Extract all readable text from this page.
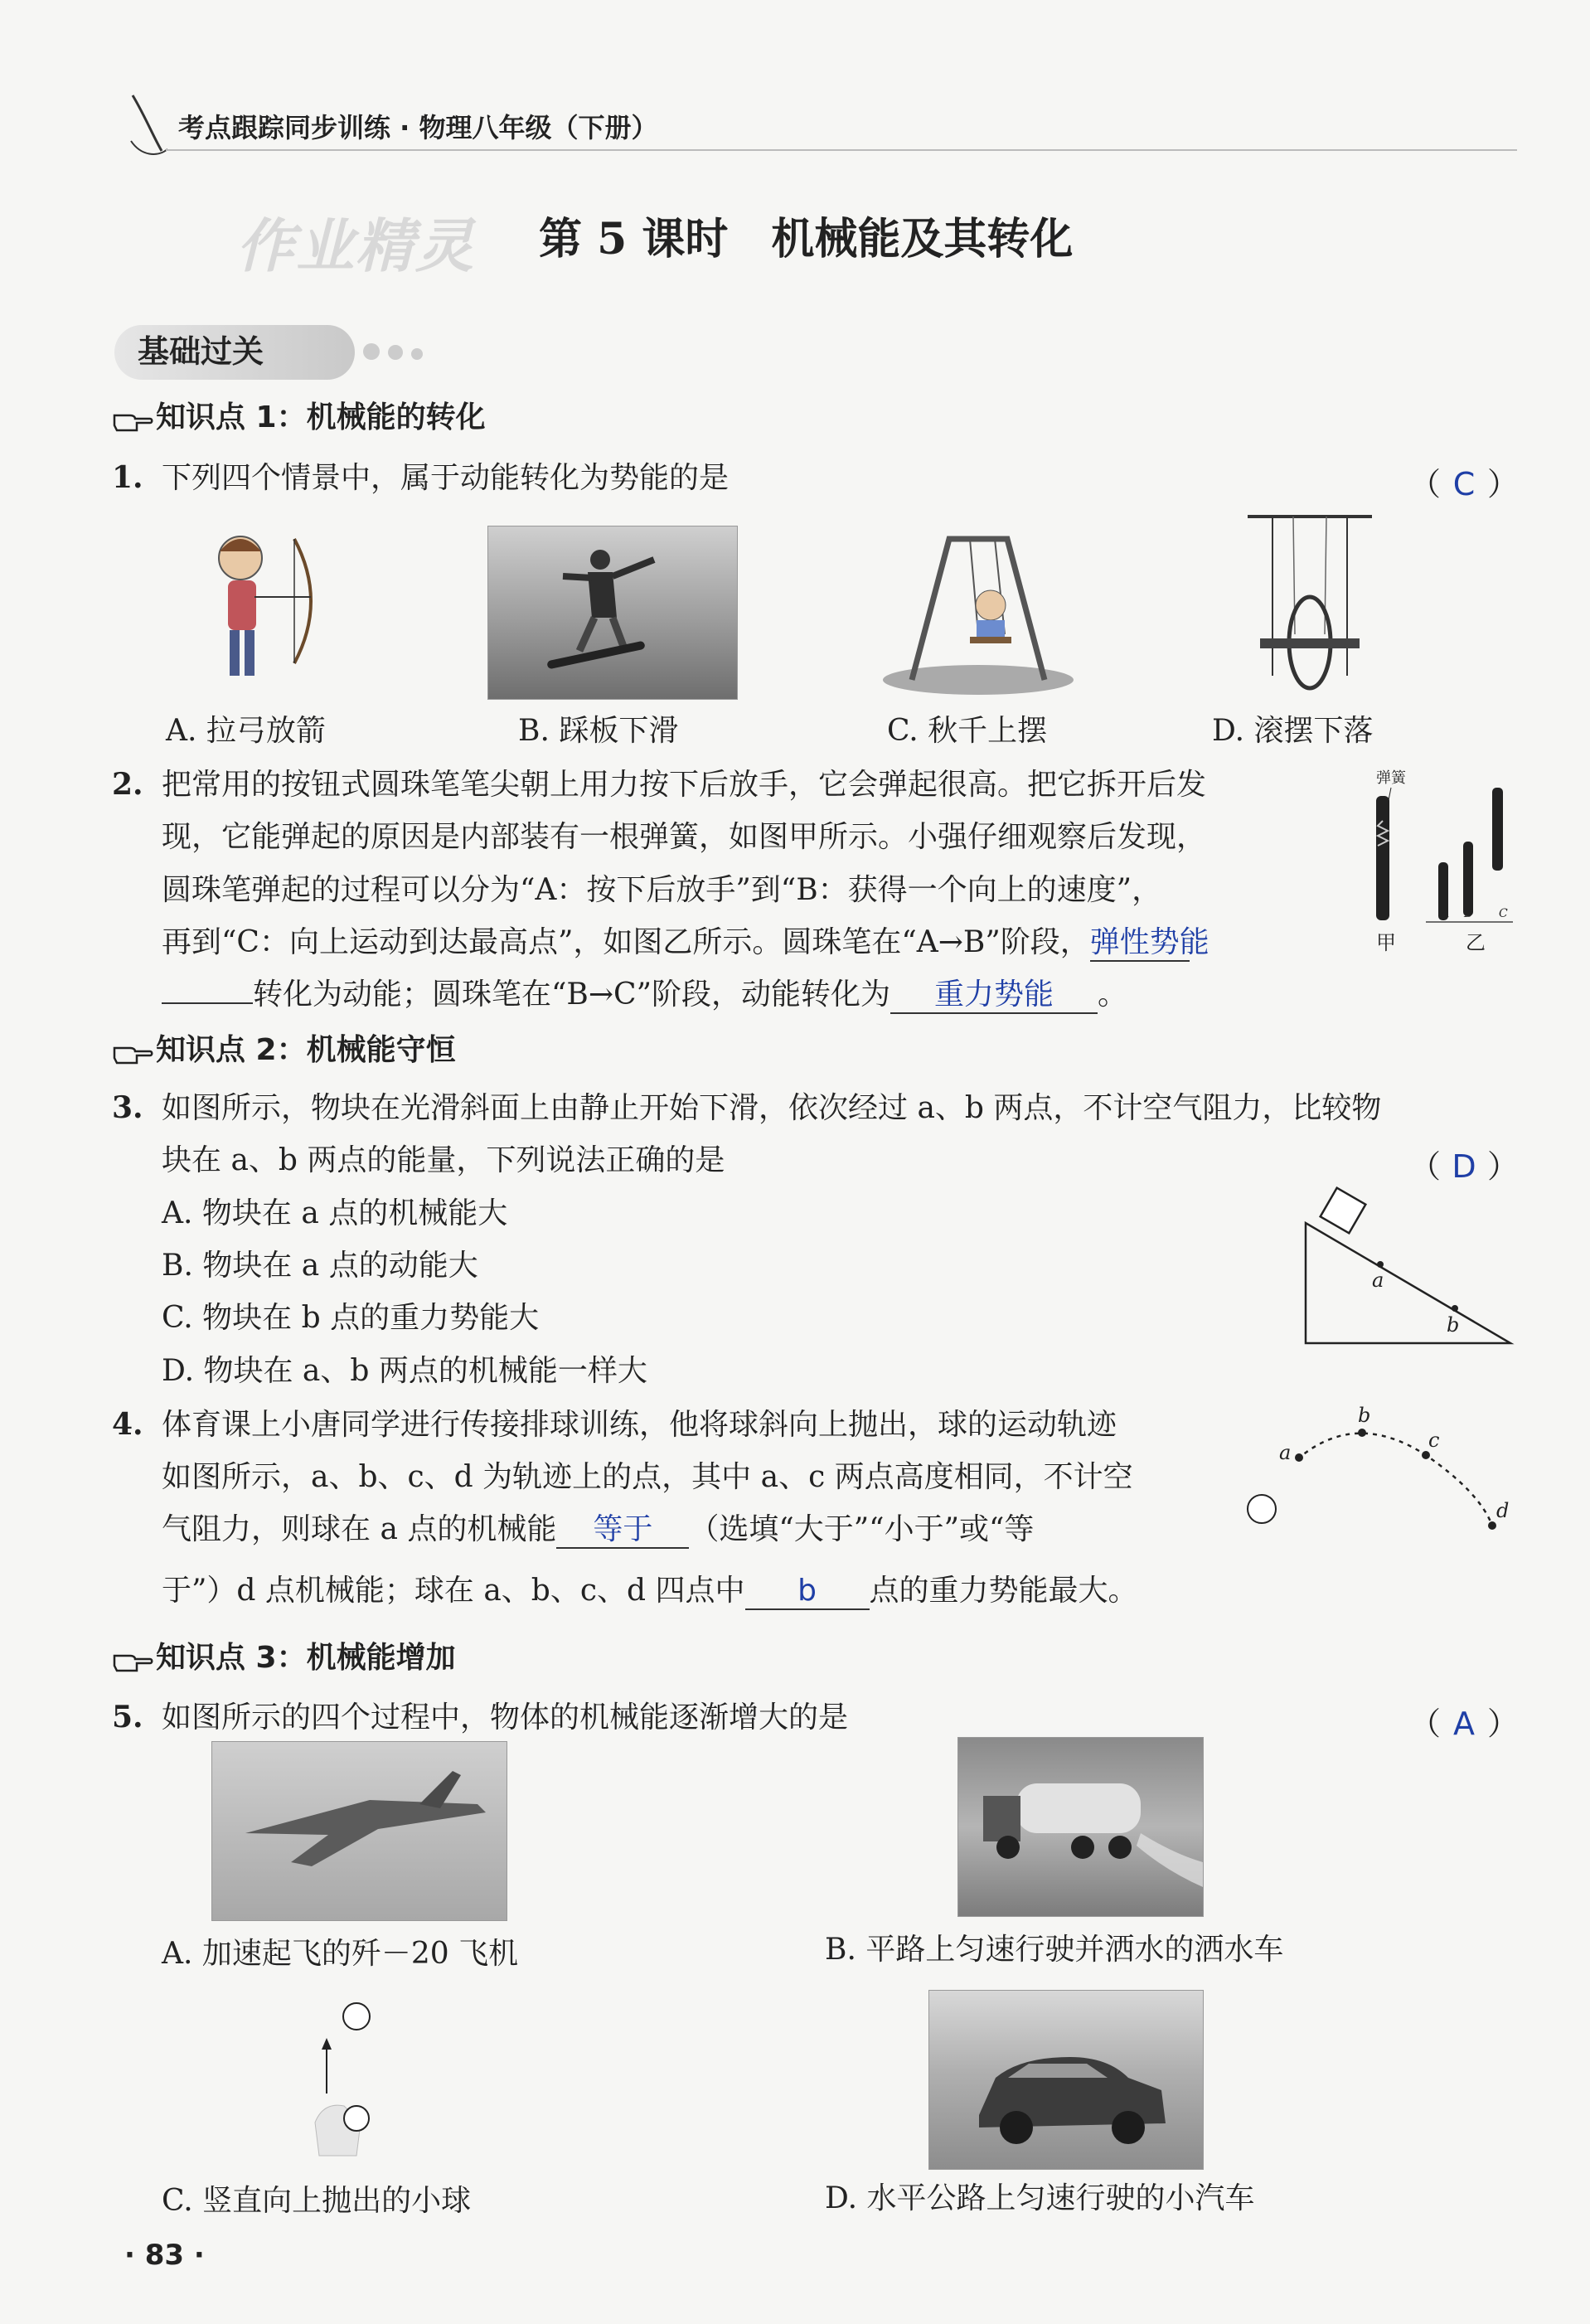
考点跟踪同步训练 · 物理八年级（下册）
作业精灵 第 5 课时　机械能及其转化
基础过关
知识点 1：机械能的转化
1. 下列四个情景中，属于动能转化为势能的是	（ C ）
A. 拉弓放箭	B. 踩板下滑	C. 秋千上摆	D. 滚摆下落
2. 把常用的按钮式圆珠笔笔尖朝上用力按下后放手，它会弹起很高。把它拆开后发
现，它能弹起的原因是内部装有一根弹簧，如图甲所示。小强仔细观察后发现，
圆珠笔弹起的过程可以分为“A：按下后放手”到“B：获得一个向上的速度”，
再到“C：向上运动到达最高点”，如图乙所示。圆珠笔在“A→B”阶段，弹性势能
转化为动能；圆珠笔在“B→C”阶段，动能转化为 重力势能 。
弹簧
A B C
甲	乙
知识点 2：机械能守恒
3. 如图所示，物块在光滑斜面上由静止开始下滑，依次经过 a、b 两点，不计空气阻力，比较物
块在 a、b 两点的能量，下列说法正确的是	（ D ）
A. 物块在 a 点的机械能大
B. 物块在 a 点的动能大
C. 物块在 b 点的重力势能大
D. 物块在 a、b 两点的机械能一样大
a
b
4. 体育课上小唐同学进行传接排球训练，他将球斜向上抛出，球的运动轨迹
如图所示，a、b、c、d 为轨迹上的点，其中 a、c 两点高度相同，不计空
气阻力，则球在 a 点的机械能 等于 （选填“大于”“小于”或“等
于”）d 点机械能；球在 a、b、c、d 四点中 b 点的重力势能最大。
a
b
c
d
知识点 3：机械能增加
5. 如图所示的四个过程中，物体的机械能逐渐增大的是	（ A ）
A. 加速起飞的歼－20 飞机	B. 平路上匀速行驶并洒水的洒水车
C. 竖直向上抛出的小球	D. 水平公路上匀速行驶的小汽车
· 83 ·
